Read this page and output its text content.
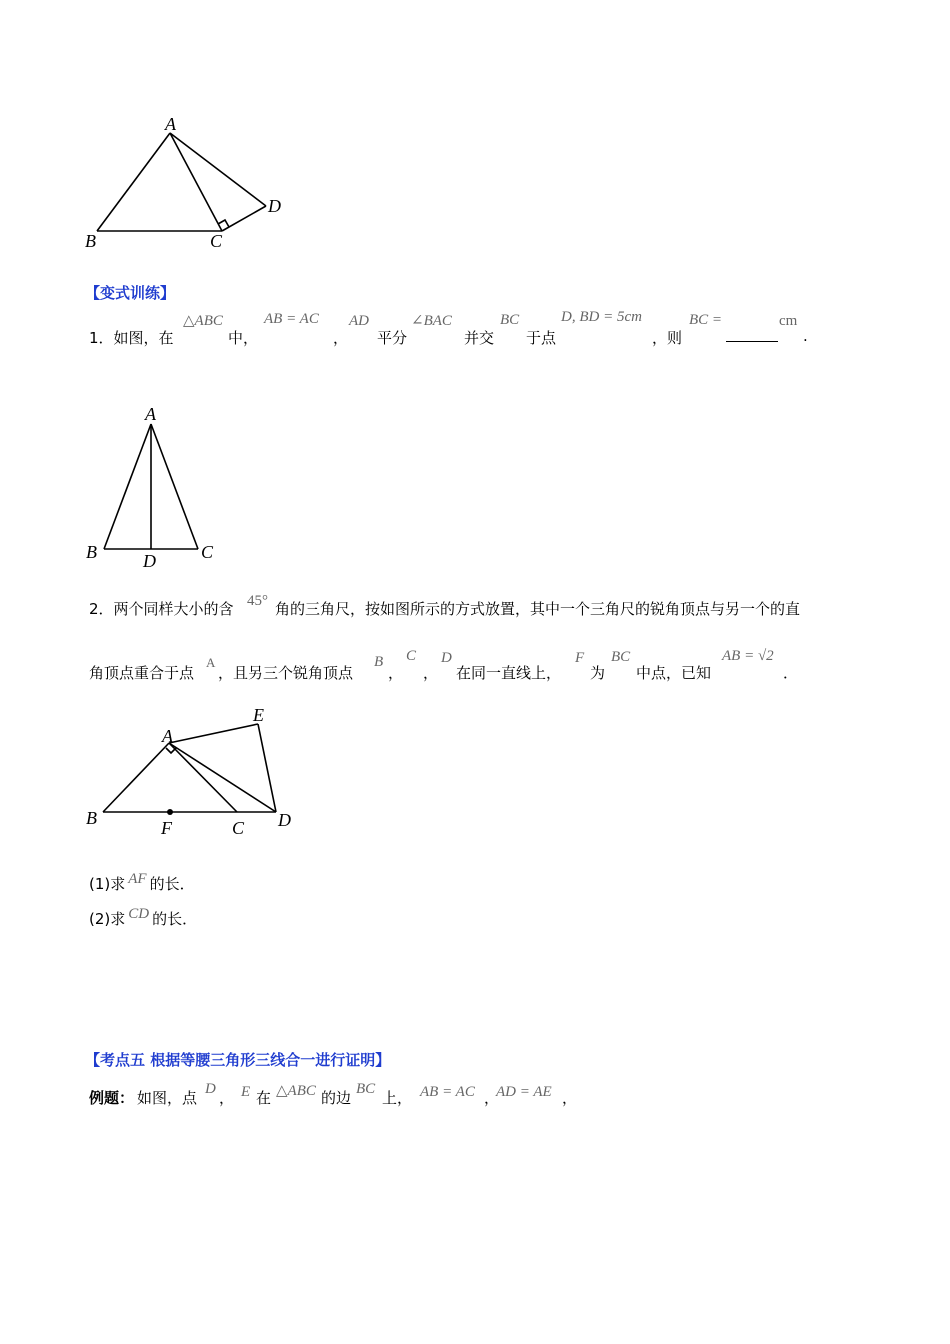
A
B	C
D
【变式训练】
1．如图，在
△ABC
中，
AB = AC
，
AD
平分
∠BAC
并交
BC
于点
D, BD = 5cm
，则
BC =	cm
.
A
B	C
D
2．两个同样大小的含 45° 角的三角尺，按如图所示的方式放置，其中一个三角尺的锐角顶点与另一个的直
角顶点重合于点
A
，且另三个锐角顶点
B
，
C
，
D
在同一直线上，
F
为
BC
中点，已知
AB = √2
．
A
E
B	F	C D
(1)求 AF 的长．
(2)求 CD 的长．
【考点五 根据等腰三角形三线合一进行证明】
例题： 如图，点 D ， E 在 △ABC 的边 BC 上， AB = AC ，
AD = AE ，
